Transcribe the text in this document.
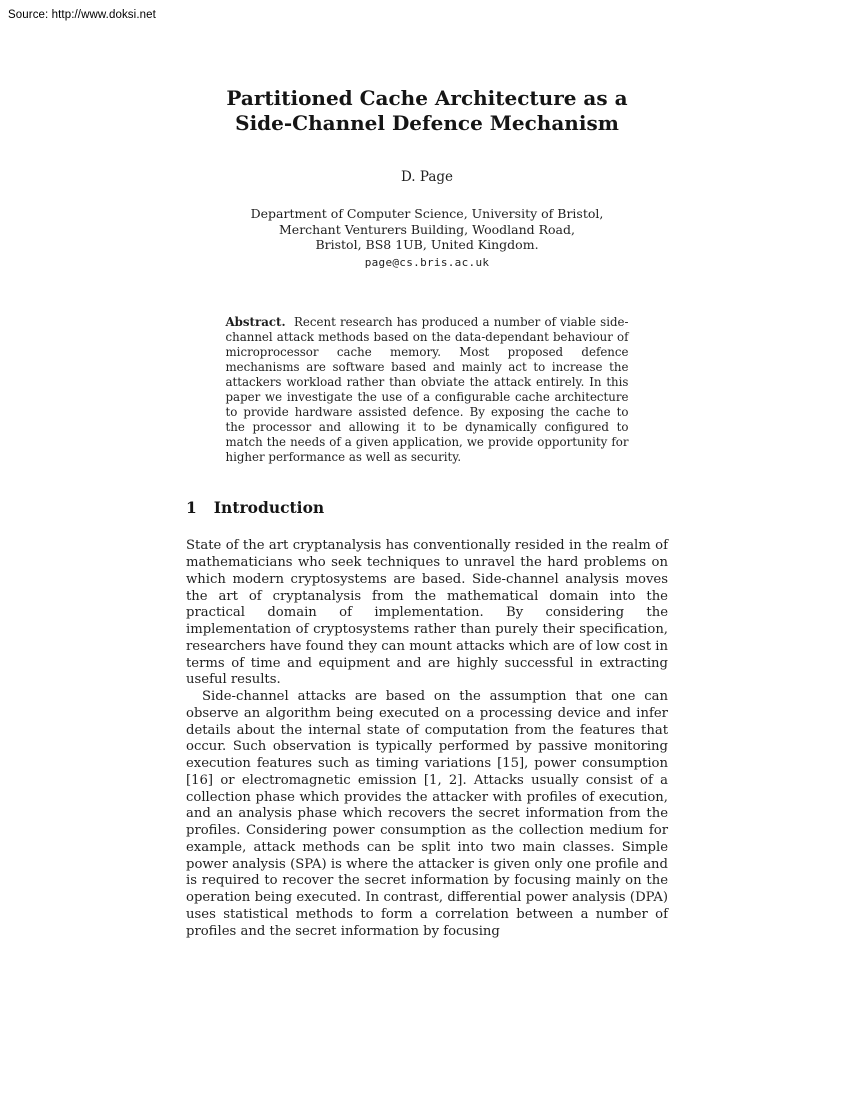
Source: http://www.doksi.net
Partitioned Cache Architecture as a
Side-Channel Defence Mechanism
D. Page
Department of Computer Science, University of Bristol,
Merchant Venturers Building, Woodland Road,
Bristol, BS8 1UB, United Kingdom.
page@cs.bris.ac.uk

Abstract. Recent research has produced a number of viable side-channel attack methods based on the data-dependant behaviour of microprocessor cache memory. Most proposed defence mechanisms are software based and mainly act to increase the attackers workload rather than obviate the attack entirely. In this paper we investigate the use of a configurable cache architecture to provide hardware assisted defence. By exposing the cache to the processor and allowing it to be dynamically configured to match the needs of a given application, we provide opportunity for higher performance as well as security.

1 Introduction

State of the art cryptanalysis has conventionally resided in the realm of mathematicians who seek techniques to unravel the hard problems on which modern cryptosystems are based. Side-channel analysis moves the art of cryptanalysis from the mathematical domain into the practical domain of implementation. By considering the implementation of cryptosystems rather than purely their specification, researchers have found they can mount attacks which are of low cost in terms of time and equipment and are highly successful in extracting useful results.

Side-channel attacks are based on the assumption that one can observe an algorithm being executed on a processing device and infer details about the internal state of computation from the features that occur. Such observation is typically performed by passive monitoring execution features such as timing variations [15], power consumption [16] or electromagnetic emission [1, 2]. Attacks usually consist of a collection phase which provides the attacker with profiles of execution, and an analysis phase which recovers the secret information from the profiles. Considering power consumption as the collection medium for example, attack methods can be split into two main classes. Simple power analysis (SPA) is where the attacker is given only one profile and is required to recover the secret information by focusing mainly on the operation being executed. In contrast, differential power analysis (DPA) uses statistical methods to form a correlation between a number of profiles and the secret information by focusing
